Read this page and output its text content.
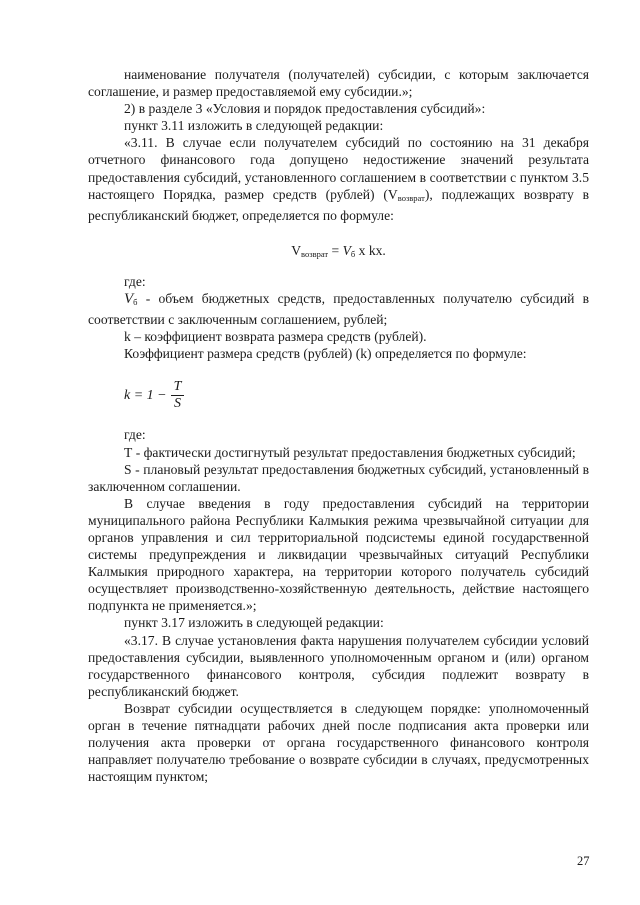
наименование получателя (получателей) субсидии, с которым заключается соглашение, и размер предоставляемой ему субсидии.»;

2) в разделе 3 «Условия и порядок предоставления субсидий»:

пункт 3.11 изложить в следующей редакции:

«3.11. В случае если получателем субсидий по состоянию на 31 декабря отчетного финансового года допущено недостижение значений результата предоставления субсидий, установленного соглашением в соответствии с пунктом 3.5 настоящего Порядка, размер средств (рублей) $(V_{возврат})$, подлежащих возврату в республиканский бюджет, определяется по формуле:

$V_{возврат} = V_б$ x kx.

где:

$V_б$ - объем бюджетных средств, предоставленных получателю субсидий в соответствии с заключенным соглашением, рублей;

k – коэффициент возврата размера средств (рублей).

Коэффициент размера средств (рублей) (k) определяется по формуле:

$k = 1 - \frac{T}{S}$

где:

Т - фактически достигнутый результат предоставления бюджетных субсидий;

S - плановый результат предоставления бюджетных субсидий, установленный в заключенном соглашении.

В случае введения в году предоставления субсидий на территории муниципального района Республики Калмыкия режима чрезвычайной ситуации для органов управления и сил территориальной подсистемы единой государственной системы предупреждения и ликвидации чрезвычайных ситуаций Республики Калмыкия природного характера, на территории которого получатель субсидий осуществляет производственно-хозяйственную деятельность, действие настоящего подпункта не применяется.»;

пункт 3.17 изложить в следующей редакции:

«3.17. В случае установления факта нарушения получателем субсидии условий предоставления субсидии, выявленного уполномоченным органом и (или) органом государственного финансового контроля, субсидия подлежит возврату в республиканский бюджет.

Возврат субсидии осуществляется в следующем порядке: уполномоченный орган в течение пятнадцати рабочих дней после подписания акта проверки или получения акта проверки от органа государственного финансового контроля направляет получателю требование о возврате субсидии в случаях, предусмотренных настоящим пунктом;

27
